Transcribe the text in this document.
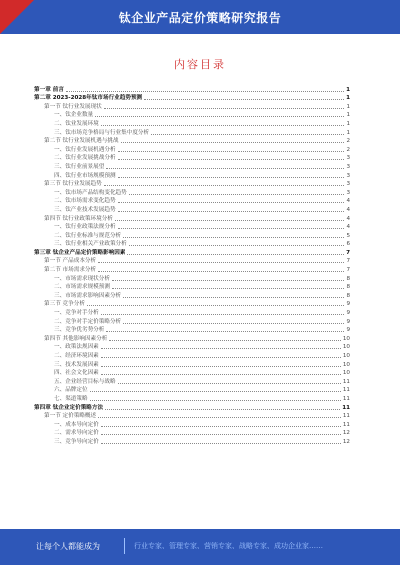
钛企业产品定价策略研究报告
内容目录
第一章 前言	1
第二章 2023-2028年钛市场行业趋势预测	1
第一节 钛行业发展现状	1
一、钛企业数量	1
二、钛业发展环境	1
三、钛市场竞争格局与行业集中度分析	1
第二节 钛行业发展机遇与挑战	2
一、钛行业发展机遇分析	2
二、钛行业发展挑战分析	3
三、钛行业前景展望	3
四、钛行业市场规模预测	3
第三节 钛行业发展趋势	3
一、钛市场产品结构变化趋势	3
二、钛市场需求变化趋势	4
三、钛产业技术发展趋势	4
第四节 钛行业政策环境分析	4
一、钛行业政策法规分析	4
二、钛行业标准与规范分析	5
三、钛行业相关产业政策分析	6
第三章 钛企业产品定价策略影响因素	7
第一节 产品成本分析	7
第二节 市场需求分析	7
一、市场需求现状分析	8
二、市场需求规模预测	8
三、市场需求影响因素分析	8
第三节 竞争分析	9
一、竞争对手分析	9
二、竞争对手定价策略分析	9
三、竞争优劣势分析	9
第四节 其他影响因素分析	10
一、政策法规因素	10
二、经济环境因素	10
三、技术发展因素	10
四、社会文化因素	10
五、企业经营目标与战略	11
六、品牌定位	11
七、渠道策略	11
第四章 钛企业定价策略方法	11
第一节 定价策略概述	11
一、成本导向定价	11
二、需求导向定价	12
三、竞争导向定价	12
让每个人都能成为	行业专家、管理专家、营销专家、战略专家、成功企业家……
